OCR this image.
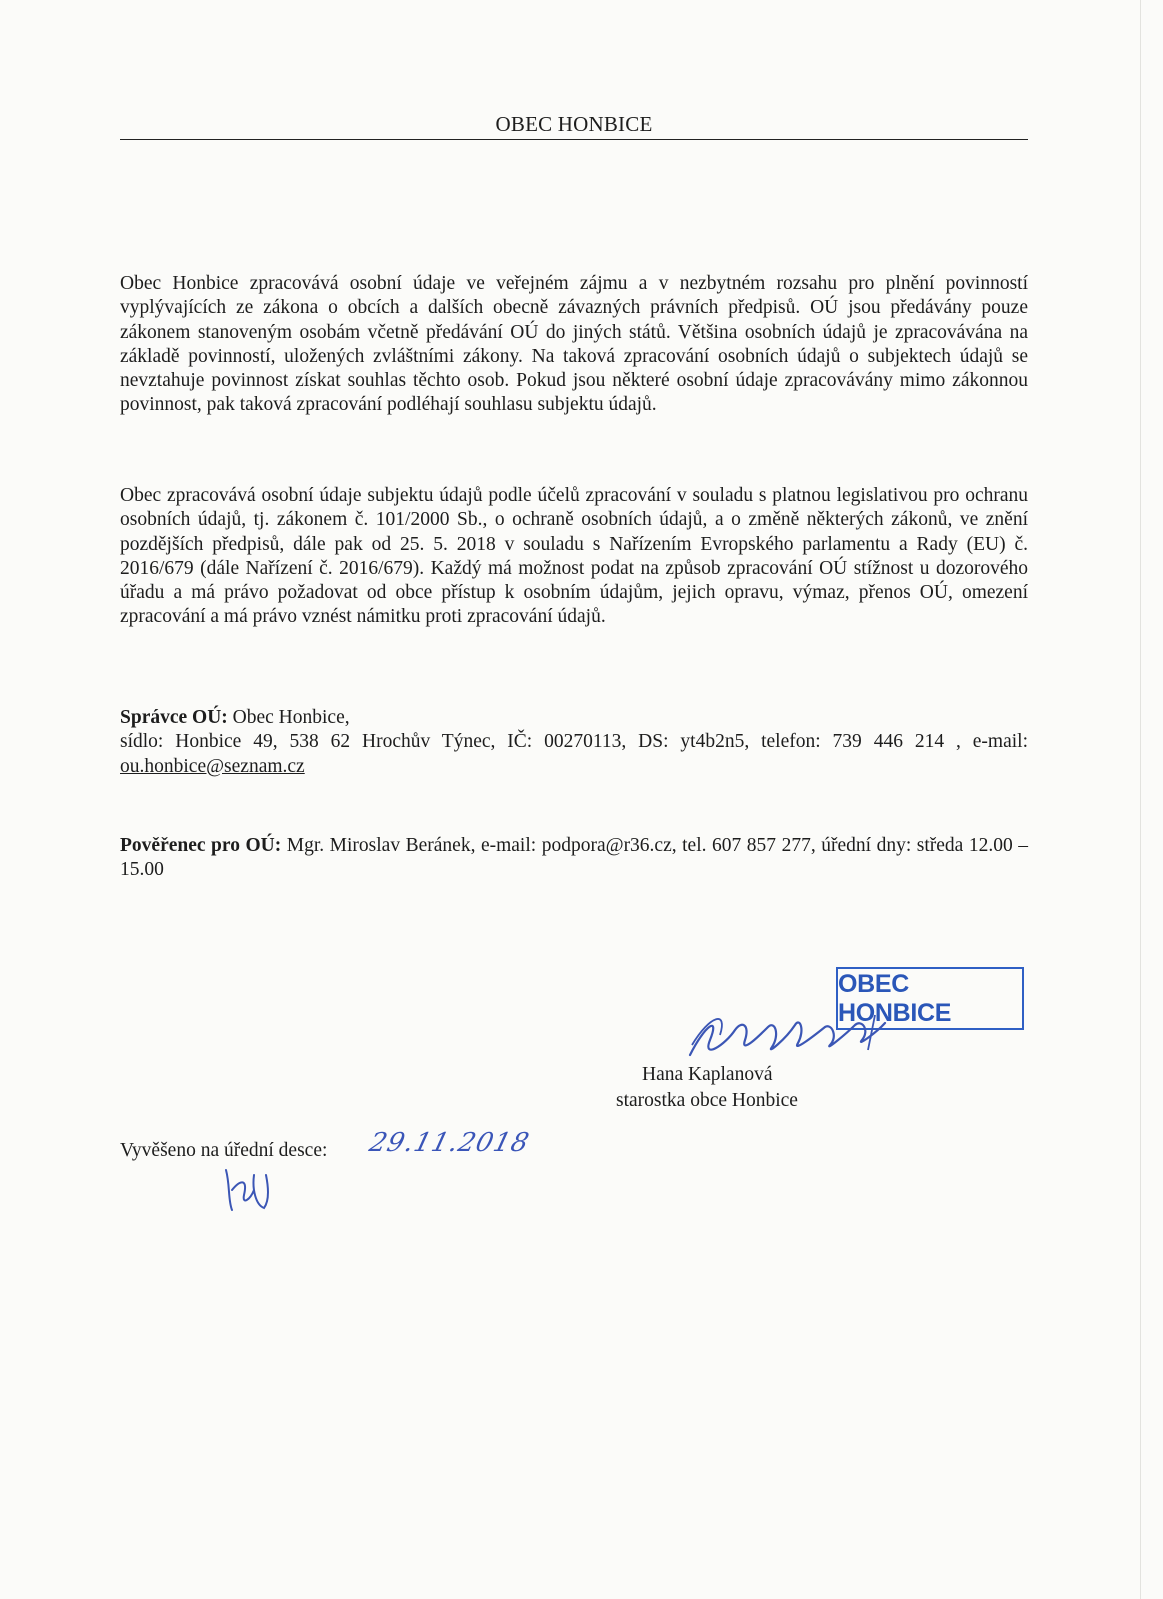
OBEC HONBICE
Obec Honbice zpracovává osobní údaje ve veřejném zájmu a v nezbytném rozsahu pro plnění povinností vyplývajících ze zákona o obcích a dalších obecně závazných právních předpisů. OÚ jsou předávány pouze zákonem stanoveným osobám včetně předávání OÚ do jiných států. Většina osobních údajů je zpracovávána na základě povinností, uložených zvláštními zákony. Na taková zpracování osobních údajů o subjektech údajů se nevztahuje povinnost získat souhlas těchto osob. Pokud jsou některé osobní údaje zpracovávány mimo zákonnou povinnost, pak taková zpracování podléhají souhlasu subjektu údajů.
Obec zpracovává osobní údaje subjektu údajů podle účelů zpracování v souladu s platnou legislativou pro ochranu osobních údajů, tj. zákonem č. 101/2000 Sb., o ochraně osobních údajů, a o změně některých zákonů, ve znění pozdějších předpisů, dále pak od 25. 5. 2018 v souladu s Nařízením Evropského parlamentu a Rady (EU) č. 2016/679 (dále Nařízení č. 2016/679). Každý má možnost podat na způsob zpracování OÚ stížnost u dozorového úřadu a má právo požadovat od obce přístup k osobním údajům, jejich opravu, výmaz, přenos OÚ, omezení zpracování a má právo vznést námitku proti zpracování údajů.
Správce OÚ: Obec Honbice,
sídlo: Honbice 49, 538 62 Hrochův Týnec, IČ: 00270113, DS: yt4b2n5, telefon: 739 446 214 , e-mail: ou.honbice@seznam.cz
Pověřenec pro OÚ: Mgr. Miroslav Beránek, e-mail: podpora@r36.cz, tel. 607 857 277, úřední dny: středa 12.00 – 15.00
OBEC HONBICE
Hana Kaplanová
starostka obce Honbice
Vyvěšeno na úřední desce: 29.11.2018
